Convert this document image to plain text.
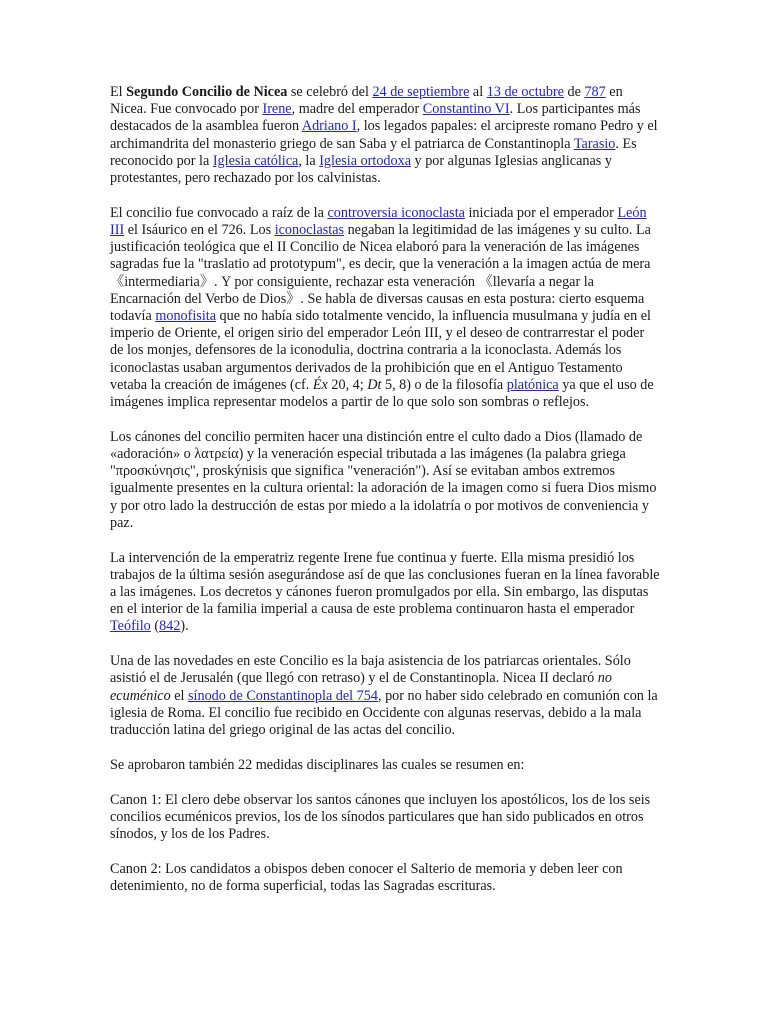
El Segundo Concilio de Nicea se celebró del 24 de septiembre al 13 de octubre de 787 en Nicea. Fue convocado por Irene, madre del emperador Constantino VI. Los participantes más destacados de la asamblea fueron Adriano I, los legados papales: el arcipreste romano Pedro y el archimandrita del monasterio griego de san Saba y el patriarca de Constantinopla Tarasio. Es reconocido por la Iglesia católica, la Iglesia ortodoxa y por algunas Iglesias anglicanas y protestantes, pero rechazado por los calvinistas.

El concilio fue convocado a raíz de la controversia iconoclasta iniciada por el emperador León III el Isáurico en el 726. Los iconoclastas negaban la legitimidad de las imágenes y su culto. La justificación teológica que el II Concilio de Nicea elaboró para la veneración de las imágenes sagradas fue la "traslatio ad prototypum", es decir, que la veneración a la imagen actúa de mera 《intermediaria》. Y por consiguiente, rechazar esta veneración 《llevaría a negar la Encarnación del Verbo de Dios》. Se habla de diversas causas en esta postura: cierto esquema todavía monofisita que no había sido totalmente vencido, la influencia musulmana y judía en el imperio de Oriente, el origen sirio del emperador León III, y el deseo de contrarrestar el poder de los monjes, defensores de la iconodulia, doctrina contraria a la iconoclasta. Además los iconoclastas usaban argumentos derivados de la prohibición que en el Antiguo Testamento vetaba la creación de imágenes (cf. Éx 20, 4; Dt 5, 8) o de la filosofía platónica ya que el uso de imágenes implica representar modelos a partir de lo que solo son sombras o reflejos.

Los cánones del concilio permiten hacer una distinción entre el culto dado a Dios (llamado de «adoración» o λατρεία) y la veneración especial tributada a las imágenes (la palabra griega "προσκύνησις", proskýnisis que significa "veneración"). Así se evitaban ambos extremos igualmente presentes en la cultura oriental: la adoración de la imagen como si fuera Dios mismo y por otro lado la destrucción de estas por miedo a la idolatría o por motivos de conveniencia y paz.

La intervención de la emperatriz regente Irene fue continua y fuerte. Ella misma presidió los trabajos de la última sesión asegurándose así de que las conclusiones fueran en la línea favorable a las imágenes. Los decretos y cánones fueron promulgados por ella. Sin embargo, las disputas en el interior de la familia imperial a causa de este problema continuaron hasta el emperador Teófilo (842).

Una de las novedades en este Concilio es la baja asistencia de los patriarcas orientales. Sólo asistió el de Jerusalén (que llegó con retraso) y el de Constantinopla. Nicea II declaró no ecuménico el sínodo de Constantinopla del 754, por no haber sido celebrado en comunión con la iglesia de Roma. El concilio fue recibido en Occidente con algunas reservas, debido a la mala traducción latina del griego original de las actas del concilio.

Se aprobaron también 22 medidas disciplinares las cuales se resumen en:

Canon 1: El clero debe observar los santos cánones que incluyen los apostólicos, los de los seis concilios ecuménicos previos, los de los sínodos particulares que han sido publicados en otros sínodos, y los de los Padres.

Canon 2: Los candidatos a obispos deben conocer el Salterio de memoria y deben leer con detenimiento, no de forma superficial, todas las Sagradas escrituras.
